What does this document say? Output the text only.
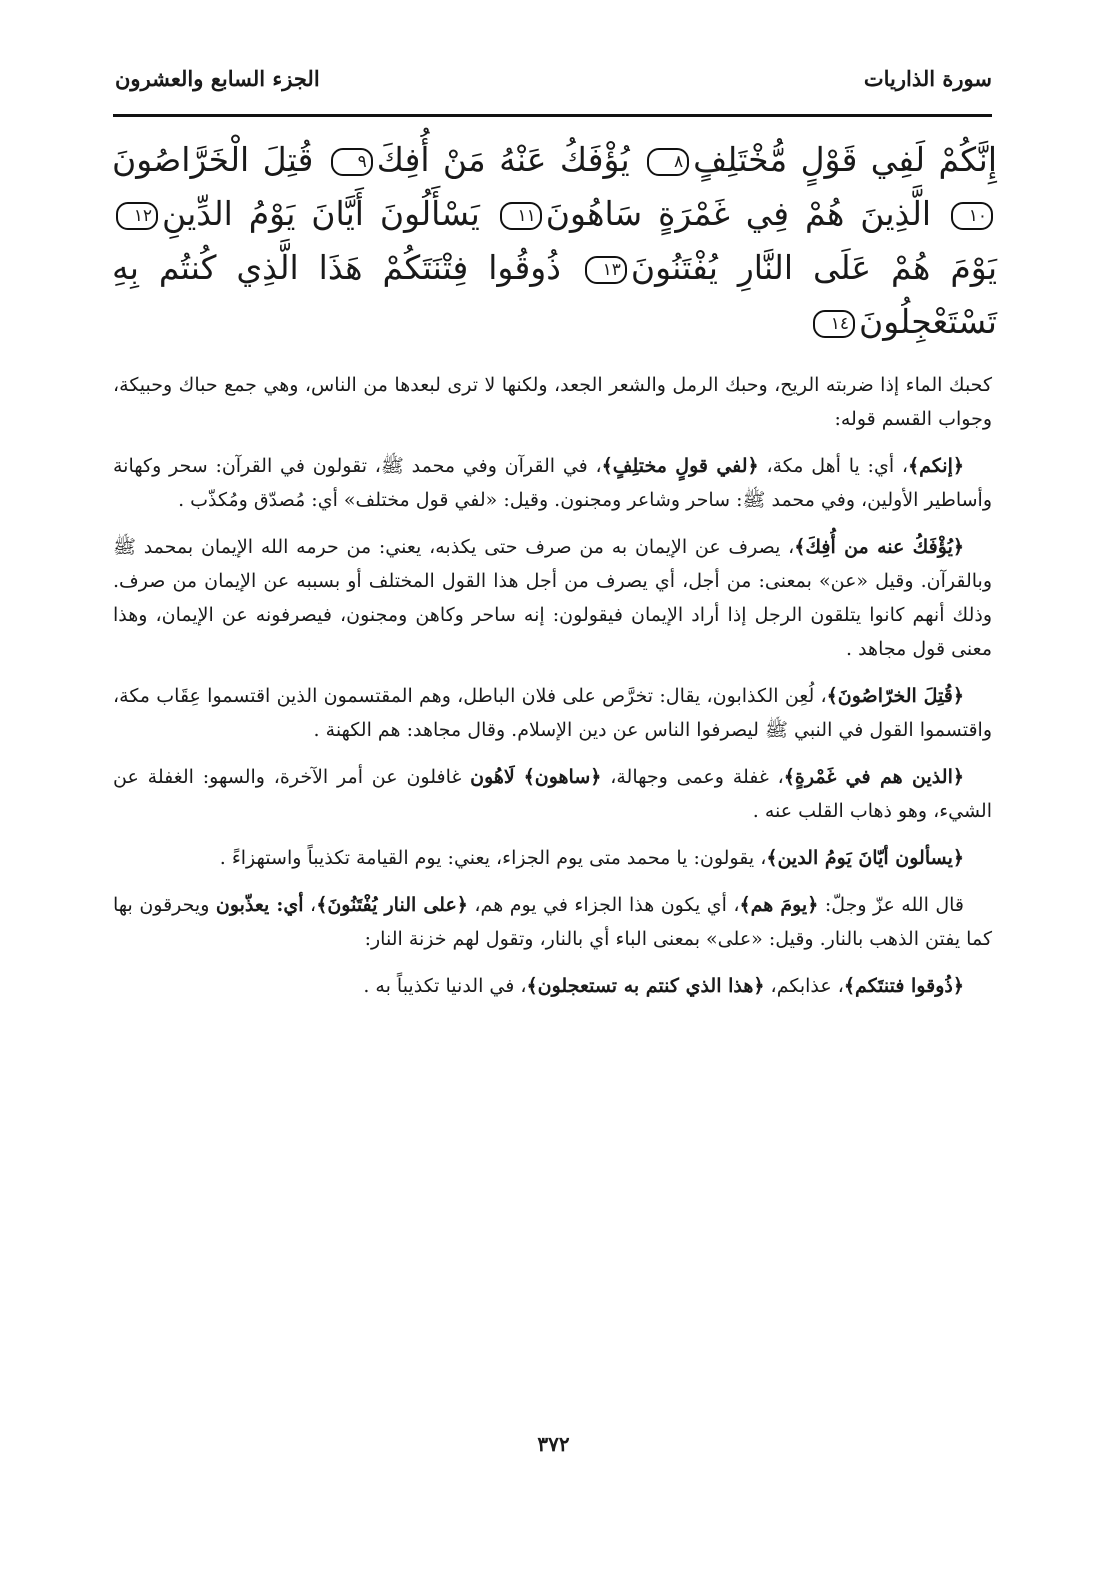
سورة الذاريات
الجزء السابع والعشرون
إِنَّكُمْ لَفِي قَوْلٍ مُّخْتَلِفٍ٨ يُؤْفَكُ عَنْهُ مَنْ أُفِكَ٩ قُتِلَ الْخَرَّاصُونَ١٠ الَّذِينَ هُمْ فِي غَمْرَةٍ سَاهُونَ١١ يَسْأَلُونَ أَيَّانَ يَوْمُ الدِّينِ١٢ يَوْمَ هُمْ عَلَى النَّارِ يُفْتَنُونَ١٣ ذُوقُوا فِتْنَتَكُمْ هَذَا الَّذِي كُنتُم بِهِ تَسْتَعْجِلُونَ١٤

كحبك الماء إذا ضربته الريح، وحبك الرمل والشعر الجعد، ولكنها لا ترى لبعدها من الناس، وهي جمع حباك وحبيكة، وجواب القسم قوله:

﴿إنكم﴾، أي: يا أهل مكة، ﴿لفي قولٍ مختلِفٍ﴾، في القرآن وفي محمد ﷺ، تقولون في القرآن: سحر وكهانة وأساطير الأولين، وفي محمد ﷺ: ساحر وشاعر ومجنون. وقيل: «لفي قول مختلف» أي: مُصدّق ومُكذّب .

﴿يُؤْفَكُ عنه من أُفِكَ﴾، يصرف عن الإيمان به من صرف حتى يكذبه، يعني: من حرمه الله الإيمان بمحمد ﷺ وبالقرآن. وقيل «عن» بمعنى: من أجل، أي يصرف من أجل هذا القول المختلف أو بسببه عن الإيمان من صرف. وذلك أنهم كانوا يتلقون الرجل إذا أراد الإيمان فيقولون: إنه ساحر وكاهن ومجنون، فيصرفونه عن الإيمان، وهذا معنى قول مجاهد .

﴿قُتِلَ الخرّاصُونَ﴾، لُعِن الكذابون، يقال: تخرَّص على فلان الباطل، وهم المقتسمون الذين اقتسموا عِقَاب مكة، واقتسموا القول في النبي ﷺ ليصرفوا الناس عن دين الإسلام. وقال مجاهد: هم الكهنة .

﴿الذين هم في غَمْرةٍ﴾، غفلة وعمى وجهالة، ﴿ساهون﴾ لَاهُون غافلون عن أمر الآخرة، والسهو: الغفلة عن الشيء، وهو ذهاب القلب عنه .

﴿يسألون أيّانَ يَومُ الدين﴾، يقولون: يا محمد متى يوم الجزاء، يعني: يوم القيامة تكذيباً واستهزاءً .

قال الله عزّ وجلّ: ﴿يومَ هم﴾، أي يكون هذا الجزاء في يوم هم، ﴿على النار يُفْتَنُونَ﴾، أي: يعذّبون ويحرقون بها كما يفتن الذهب بالنار. وقيل: «على» بمعنى الباء أي بالنار، وتقول لهم خزنة النار:

﴿ذُوقوا فتنتَكم﴾، عذابكم، ﴿هذا الذي كنتم به تستعجلون﴾، في الدنيا تكذيباً به .

٣٧٢
